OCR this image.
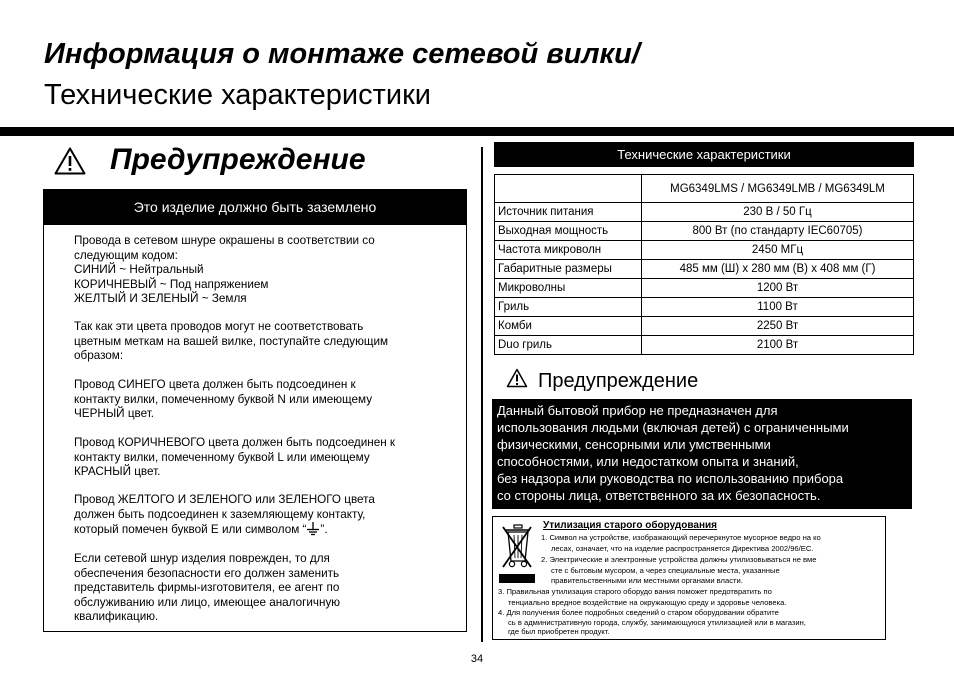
Информация о монтаже сетевой вилки/
Технические характеристики
Предупреждение
Это изделие должно быть заземлено
Провода в сетевом шнуре окрашены в соответствии со
следующим кодом:
СИНИЙ ~ Нейтральный
КОРИЧНЕВЫЙ ~ Под напряжением
ЖЕЛТЫЙ И ЗЕЛЕНЫЙ ~ Земля
Так как эти цвета проводов могут не соответствовать
цветным меткам на вашей вилке, поступайте следующим
образом:
Провод СИНЕГО цвета должен быть подсоединен к
контакту вилки, помеченному буквой N или имеющему
ЧЕРНЫЙ цвет.
Провод КОРИЧНЕВОГО цвета должен быть подсоединен к
контакту вилки, помеченному буквой L или имеющему
КРАСНЫЙ цвет.
Провод ЖЕЛТОГО И ЗЕЛЕНОГО или ЗЕЛЕНОГО цвета
должен быть подсоединен к заземляющему контакту,
который помечен буквой E или символом “ ”.
Если сетевой шнур изделия поврежден, то для
обеспечения безопасности его должен заменить
представитель фирмы-изготовителя, ее агент по
обслуживанию или лицо, имеющее аналогичную
квалификацию.
Технические характеристики
	MG6349LMS / MG6349LMB / MG6349LM
Источник питания	230 В / 50 Гц
Выходная мощность	800 Вт (по стандарту IEC60705)
Частота микроволн	2450 МГц
Габаритные размеры	485 мм (Ш) х 280 мм (В) х 408 мм (Г)
Микроволны	1200 Вт
Гриль	1100 Вт
Комби	2250 Вт
Duo гриль	2100 Вт
Предупреждение
Данный бытовой прибор не предназначен для
использования людьми (включая детей) с ограниченными
физическими, сенсорными или умственными
способностями, или недостатком опыта и знаний,
без надзора или руководства по использованию прибора
со стороны лица, ответственного за их безопасность.
Утилизация старого оборудования
1. Символ на устройстве, изображающий перечеркнутое мусорное ведро на ко
лесах, означает, что на изделие распространяется Директива 2002/96/EC.
2. Электрические и электронные устройства должны утилизовываться не вме
сте с бытовым мусором, а через специальные места, указанные
правительственными или местными органами власти.
3. Правильная утилизация старого оборудо вания поможет предотвратить по
тенциально вредное воздействие на окружающую среду и здоровье человека.
4. Для получения более подробных сведений о старом оборудовании обратите
сь в административную города, службу, занимающуюся утилизацией или в магазин,
где был приобретен продукт.
34
